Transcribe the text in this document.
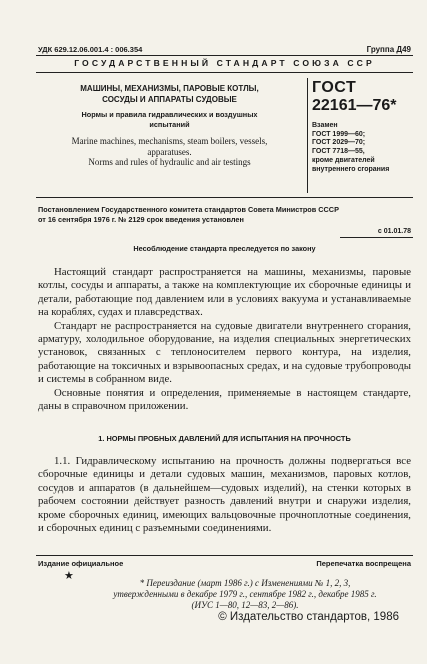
УДК 629.12.06.001.4 : 006.354	Группа Д49
ГОСУДАРСТВЕННЫЙ СТАНДАРТ СОЮЗА ССР
МАШИНЫ, МЕХАНИЗМЫ, ПАРОВЫЕ КОТЛЫ,
СОСУДЫ И АППАРАТЫ СУДОВЫЕ
Нормы и правила гидравлических и воздушных
испытаний
Marine machines, mechanisms, steam boilers, vessels,
apparatuses.
Norms and rules of hydraulic and air testings
ГОСТ
22161—76*
Взамен
ГОСТ 1999—60;
ГОСТ 2029—70;
ГОСТ 7718—55,
кроме двигателей
внутреннего сгорания
Постановлением Государственного комитета стандартов Совета Министров СССР
от 16 сентября 1976 г. № 2129 срок введения установлен
с 01.01.78
Несоблюдение стандарта преследуется по закону

Настоящий стандарт распространяется на машины, механизмы, паровые котлы, сосуды и аппараты, а также на комплектующие их сборочные единицы и детали, работающие под давлением или в условиях вакуума и устанавливаемые на кораблях, судах и плавсредствах.

Стандарт не распространяется на судовые двигатели внутреннего сгорания, арматуру, холодильное оборудование, на изделия специальных энергетических установок, связанных с теплоносителем первого контура, на изделия, работающие на токсичных и взрывоопасных средах, и на судовые трубопроводы и системы в собранном виде.

Основные понятия и определения, применяемые в настоящем стандарте, даны в справочном приложении.

1. НОРМЫ ПРОБНЫХ ДАВЛЕНИЙ ДЛЯ ИСПЫТАНИЯ НА ПРОЧНОСТЬ

1.1. Гидравлическому испытанию на прочность должны подвергаться все сборочные единицы и детали судовых машин, механизмов, паровых котлов, сосудов и аппаратов (в дальнейшем—судовых изделий), на стенки которых в рабочем состоянии действует разность давлений внутри и снаружи изделия, кроме сборочных единиц, имеющих вальцовочные прочноплотные соединения, и сборочных единиц с разъемными соединениями.

Издание официальное	Перепечатка воспрещена
★
* Переиздание (март 1986 г.) с Изменениями № 1, 2, 3,
утвержденными в декабре 1979 г., сентябре 1982 г., декабре 1985 г.
(ИУС 1—80, 12—83, 2—86).
© Издательство стандартов, 1986
